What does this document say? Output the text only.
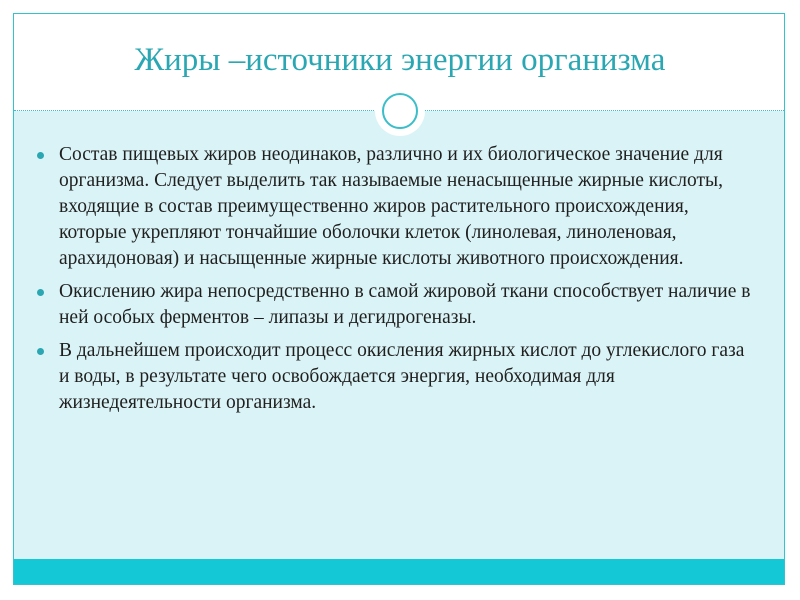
Жиры –источники энергии организма
Состав пищевых жиров неодинаков, различно и их биологическое значение для организма. Следует выделить так называемые ненасыщенные жирные кислоты, входящие в состав преимущественно жиров растительного происхождения, которые укрепляют тончайшие оболочки клеток (линолевая, линоленовая, арахидоновая) и насыщенные жирные кислоты животного происхождения.
Окислению жира непосредственно в самой жировой ткани способствует наличие в ней особых ферментов – липазы и дегидрогеназы.
В дальнейшем происходит процесс окисления жирных кислот до углекислого газа и воды, в результате чего освобождается энергия, необходимая для жизнедеятельности организма.
